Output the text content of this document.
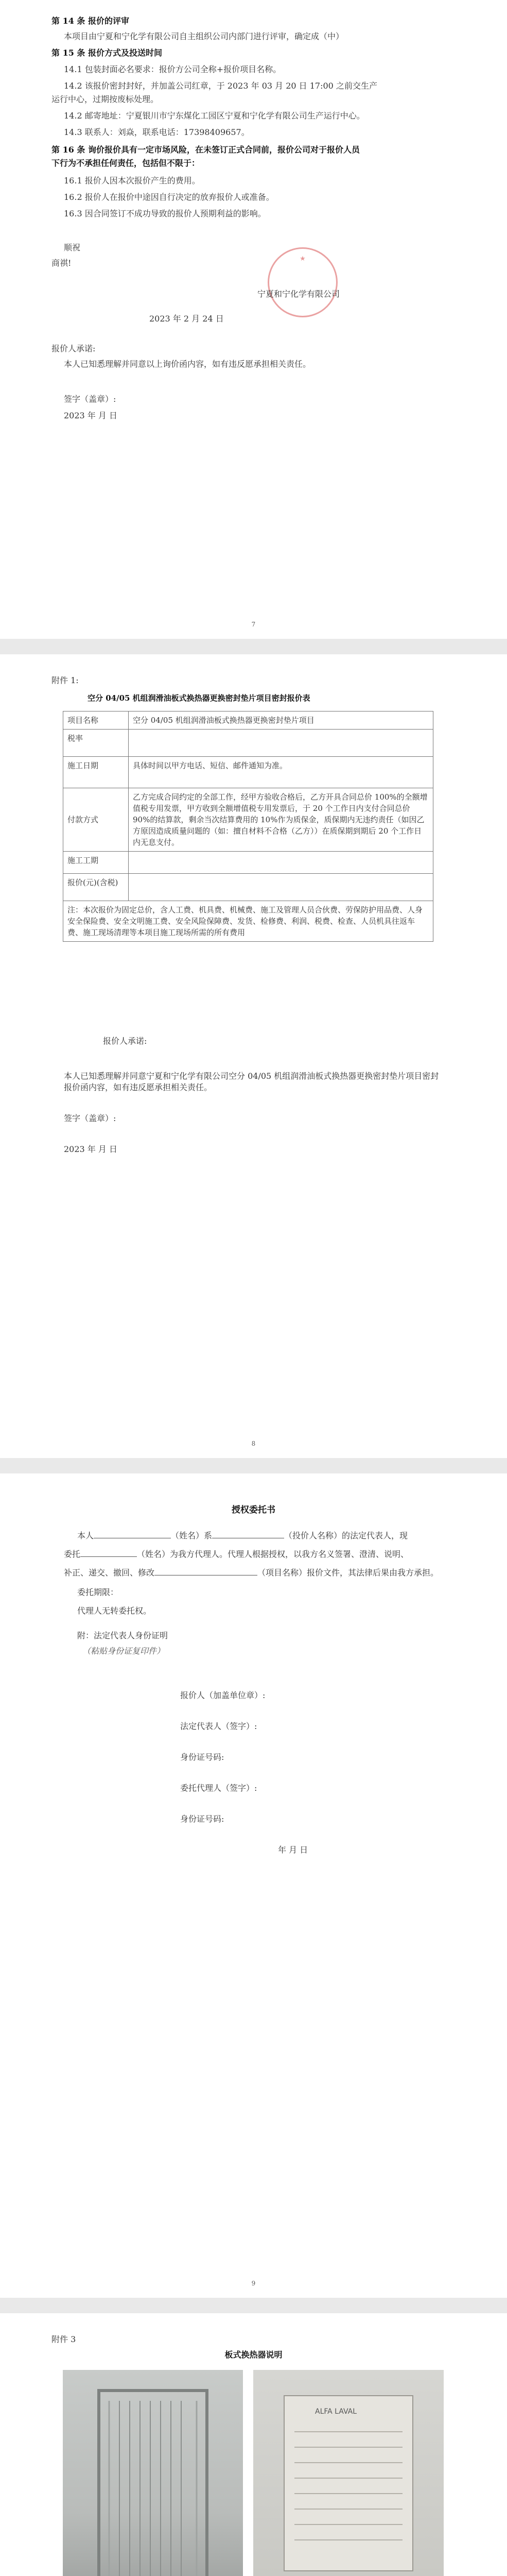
第 14 条 报价的评审
本项目由宁夏和宁化学有限公司自主组织公司内部门进行评审，确定成（中）
第 15 条 报价方式及投送时间
14.1 包装封面必名要求：报价方公司全称+报价项目名称。
14.2 该报价密封封好，并加盖公司红章，于 2023 年 03 月 20 日 17:00 之前交生产
运行中心，过期按废标处理。
14.2 邮寄地址：宁夏银川市宁东煤化工园区宁夏和宁化学有限公司生产运行中心。
14.3 联系人：刘焱，联系电话：17398409657。
第 16 条 询价报价具有一定市场风险，在未签订正式合同前，报价公司对于报价人员
下行为不承担任何责任，包括但不限于：
16.1 报价人因本次报价产生的费用。
16.2 报价人在报价中途因自行决定的放弃报价人或准备。
16.3 因合同签订不成功导致的报价人预期利益的影响。
顺祝
商祺!	★
宁夏和宁化学有限公司
2023 年 2 月 24 日
报价人承诺:
本人已知悉理解并同意以上询价函内容，如有违反愿承担相关责任。
签字（盖章）:
2023 年 月 日
7
附件 1:
空分 04/05 机组润滑油板式换热器更换密封垫片项目密封报价表
项目名称	空分 04/05 机组润滑油板式换热器更换密封垫片项目
税率	
施工日期	具体时间以甲方电话、短信、邮件通知为准。
付款方式	乙方完成合同约定的全部工作，经甲方验收合格后，乙方开具合同总价 100%的全额增值税专用发票，甲方收到全额增值税专用发票后，于 20 个工作日内支付合同总价 90%的结算款，剩余当次结算费用的 10%作为质保金，质保期内无违约责任（如因乙方原因造成质量问题的（如：擅自材料不合格（乙方））在质保期到期后 20 个工作日内无息支付。
施工工期	
报价(元)(含税)	
注：本次报价为固定总价，含人工费、机具费、机械费、施工及管理人员合伙费、劳保防护用品费、人身安全保险费、安全文明施工费、安全风险保障费、发货、检修费、利润、税费、检查、人员机具往返车费、施工现场清理等本项目施工现场所需的所有费用	
报价人承诺:
本人已知悉理解并同意宁夏和宁化学有限公司空分 04/05 机组润滑油板式换热器更换密封垫片项目密封报价函内容，如有违反愿承担相关责任。
签字（盖章）:
2023 年 月 日
8
授权委托书
本人	（姓名）系	（投价人名称）的法定代表人，现
委托	（姓名）为我方代理人。代理人根据授权，以我方名义签署、澄清、说明、
补正、递交、撤回、修改	（项目名称）报价文件，其法律后果由我方承担。
委托期限：
代理人无转委托权。
附：法定代表人身份证明
（粘贴身份证复印件）
报价人（加盖单位章）:
法定代表人（签字）:
身份证号码:
委托代理人（签字）:
身份证号码:
年 月 日
9
附件 3
板式换热器说明
ALFA LAVAL
